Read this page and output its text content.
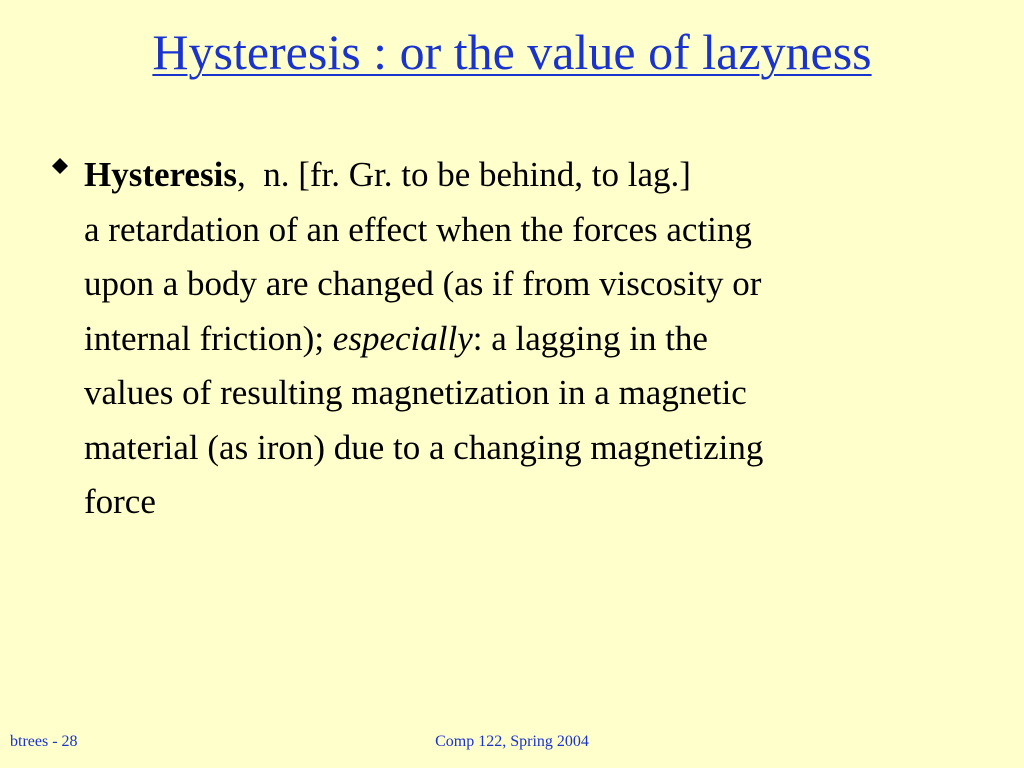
Hysteresis : or the value of lazyness
Hysteresis,  n. [fr. Gr. to be behind, to lag.]
a retardation of an effect when the forces acting
upon a body are changed (as if from viscosity or
internal friction); especially: a lagging in the
values of resulting magnetization in a magnetic
material (as iron) due to a changing magnetizing
force
btrees - 28	Comp 122, Spring 2004
